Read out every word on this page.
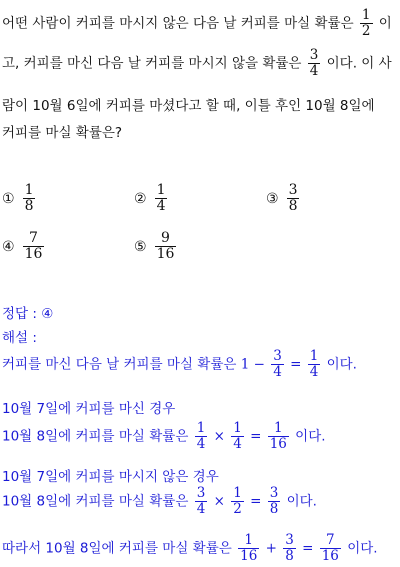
어떤 사람이 커피를 마시지 않은 다음 날 커피를 마실 확률은 $\frac{1}{2}$ 이
고, 커피를 마신 다음 날 커피를 마시지 않을 확률은 $\frac{3}{4}$ 이다. 이 사
람이 10월 6일에 커피를 마셨다고 할 때, 이틀 후인 10월 8일에
커피를 마실 확률은?
① $\frac{1}{8}$	② $\frac{1}{4}$	③ $\frac{3}{8}$
④ $\frac{7}{16}$	⑤ $\frac{9}{16}$
정답 : ④
해설 :
커피를 마신 다음 날 커피를 마실 확률은 $1 - \frac{3}{4} = \frac{1}{4}$ 이다.
10월 7일에 커피를 마신 경우
10월 8일에 커피를 마실 확률은 $\frac{1}{4} \times \frac{1}{4} = \frac{1}{16}$ 이다.
10월 7일에 커피를 마시지 않은 경우
10월 8일에 커피를 마실 확률은 $\frac{3}{4} \times \frac{1}{2} = \frac{3}{8}$ 이다.
따라서 10월 8일에 커피를 마실 확률은 $\frac{1}{16} + \frac{3}{8} = \frac{7}{16}$ 이다.
